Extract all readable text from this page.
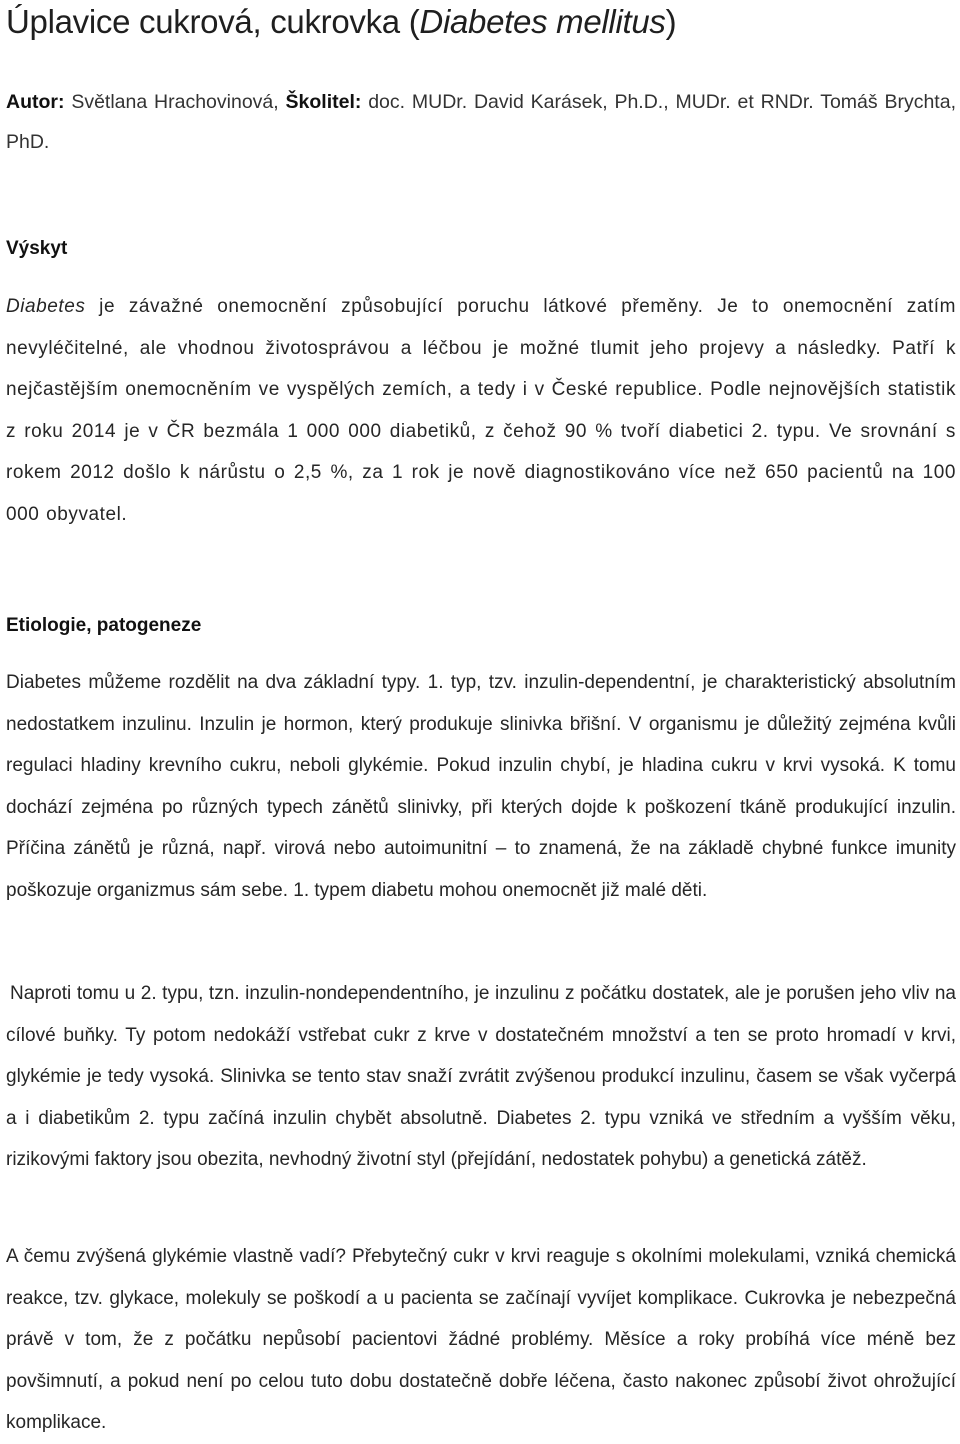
Úplavice cukrová, cukrovka (Diabetes mellitus)

Autor: Světlana Hrachovinová, Školitel: doc. MUDr. David Karásek, Ph.D., MUDr. et RNDr. Tomáš Brychta, PhD.

Výskyt

Diabetes je závažné onemocnění způsobující poruchu látkové přeměny. Je to onemocnění zatím nevyléčitelné, ale vhodnou životosprávou a léčbou je možné tlumit jeho projevy a následky. Patří k nejčastějším onemocněním ve vyspělých zemích, a tedy i v České republice. Podle nejnovějších statistik z roku 2014 je v ČR bezmála 1 000 000 diabetiků, z čehož 90 % tvoří diabetici 2. typu. Ve srovnání s rokem 2012 došlo k nárůstu o 2,5 %, za 1 rok je nově diagnostikováno více než 650 pacientů na 100 000 obyvatel.

Etiologie, patogeneze

Diabetes můžeme rozdělit na dva základní typy. 1. typ, tzv. inzulin-dependentní, je charakteristický absolutním nedostatkem inzulinu. Inzulin je hormon, který produkuje slinivka břišní. V organismu je důležitý zejména kvůli regulaci hladiny krevního cukru, neboli glykémie. Pokud inzulin chybí, je hladina cukru v krvi vysoká. K tomu dochází zejména po různých typech zánětů slinivky, při kterých dojde k poškození tkáně produkující inzulin. Příčina zánětů je různá, např. virová nebo autoimunitní – to znamená, že na základě chybné funkce imunity poškozuje organizmus sám sebe. 1. typem diabetu mohou onemocnět již malé děti.

Naproti tomu u 2. typu, tzn. inzulin-nondependentního, je inzulinu z počátku dostatek, ale je porušen jeho vliv na cílové buňky. Ty potom nedokáží vstřebat cukr z krve v dostatečném množství a ten se proto hromadí v krvi, glykémie je tedy vysoká. Slinivka se tento stav snaží zvrátit zvýšenou produkcí inzulinu, časem se však vyčerpá a i diabetikům 2. typu začíná inzulin chybět absolutně. Diabetes 2. typu vzniká ve středním a vyšším věku, rizikovými faktory jsou obezita, nevhodný životní styl (přejídání, nedostatek pohybu) a genetická zátěž.

A čemu zvýšená glykémie vlastně vadí? Přebytečný cukr v krvi reaguje s okolními molekulami, vzniká chemická reakce, tzv. glykace, molekuly se poškodí a u pacienta se začínají vyvíjet komplikace. Cukrovka je nebezpečná právě v tom, že z počátku nepůsobí pacientovi žádné problémy. Měsíce a roky probíhá více méně bez povšimnutí, a pokud není po celou tuto dobu dostatečně dobře léčena, často nakonec způsobí život ohrožující komplikace.
